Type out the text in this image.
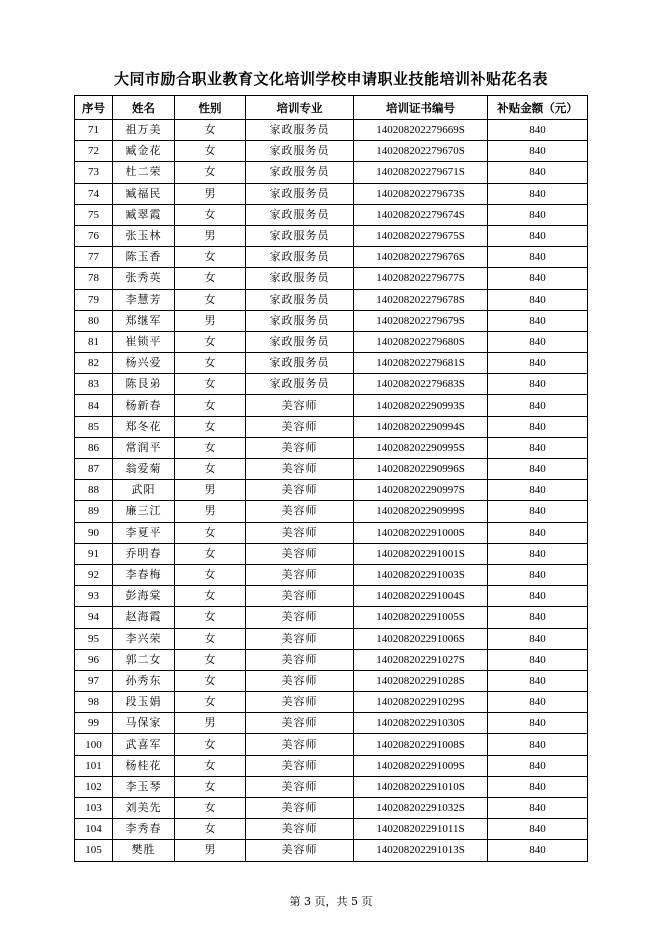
大同市励合职业教育文化培训学校申请职业技能培训补贴花名表
序号	姓名	性别	培训专业	培训证书编号	补贴金额（元）
71	祖万美	女	家政服务员	140208202279669S	840
72	臧金花	女	家政服务员	140208202279670S	840
73	杜二荣	女	家政服务员	140208202279671S	840
74	臧福民	男	家政服务员	140208202279673S	840
75	臧翠霞	女	家政服务员	140208202279674S	840
76	张玉林	男	家政服务员	140208202279675S	840
77	陈玉香	女	家政服务员	140208202279676S	840
78	张秀英	女	家政服务员	140208202279677S	840
79	李慧芳	女	家政服务员	140208202279678S	840
80	郑继军	男	家政服务员	140208202279679S	840
81	崔锁平	女	家政服务员	140208202279680S	840
82	杨兴爱	女	家政服务员	140208202279681S	840
83	陈艮弟	女	家政服务员	140208202279683S	840
84	杨新春	女	美容师	140208202290993S	840
85	郑冬花	女	美容师	140208202290994S	840
86	常润平	女	美容师	140208202290995S	840
87	翁爱菊	女	美容师	140208202290996S	840
88	武阳	男	美容师	140208202290997S	840
89	廉三江	男	美容师	140208202290999S	840
90	李夏平	女	美容师	140208202291000S	840
91	乔明春	女	美容师	140208202291001S	840
92	李春梅	女	美容师	140208202291003S	840
93	彭海棠	女	美容师	140208202291004S	840
94	赵海霞	女	美容师	140208202291005S	840
95	李兴荣	女	美容师	140208202291006S	840
96	郭二女	女	美容师	140208202291027S	840
97	孙秀东	女	美容师	140208202291028S	840
98	段玉娟	女	美容师	140208202291029S	840
99	马保家	男	美容师	140208202291030S	840
100	武喜军	女	美容师	140208202291008S	840
101	杨桂花	女	美容师	140208202291009S	840
102	李玉琴	女	美容师	140208202291010S	840
103	刘美先	女	美容师	140208202291032S	840
104	李秀春	女	美容师	140208202291011S	840
105	樊胜	男	美容师	140208202291013S	840
第 3 页，共 5 页
